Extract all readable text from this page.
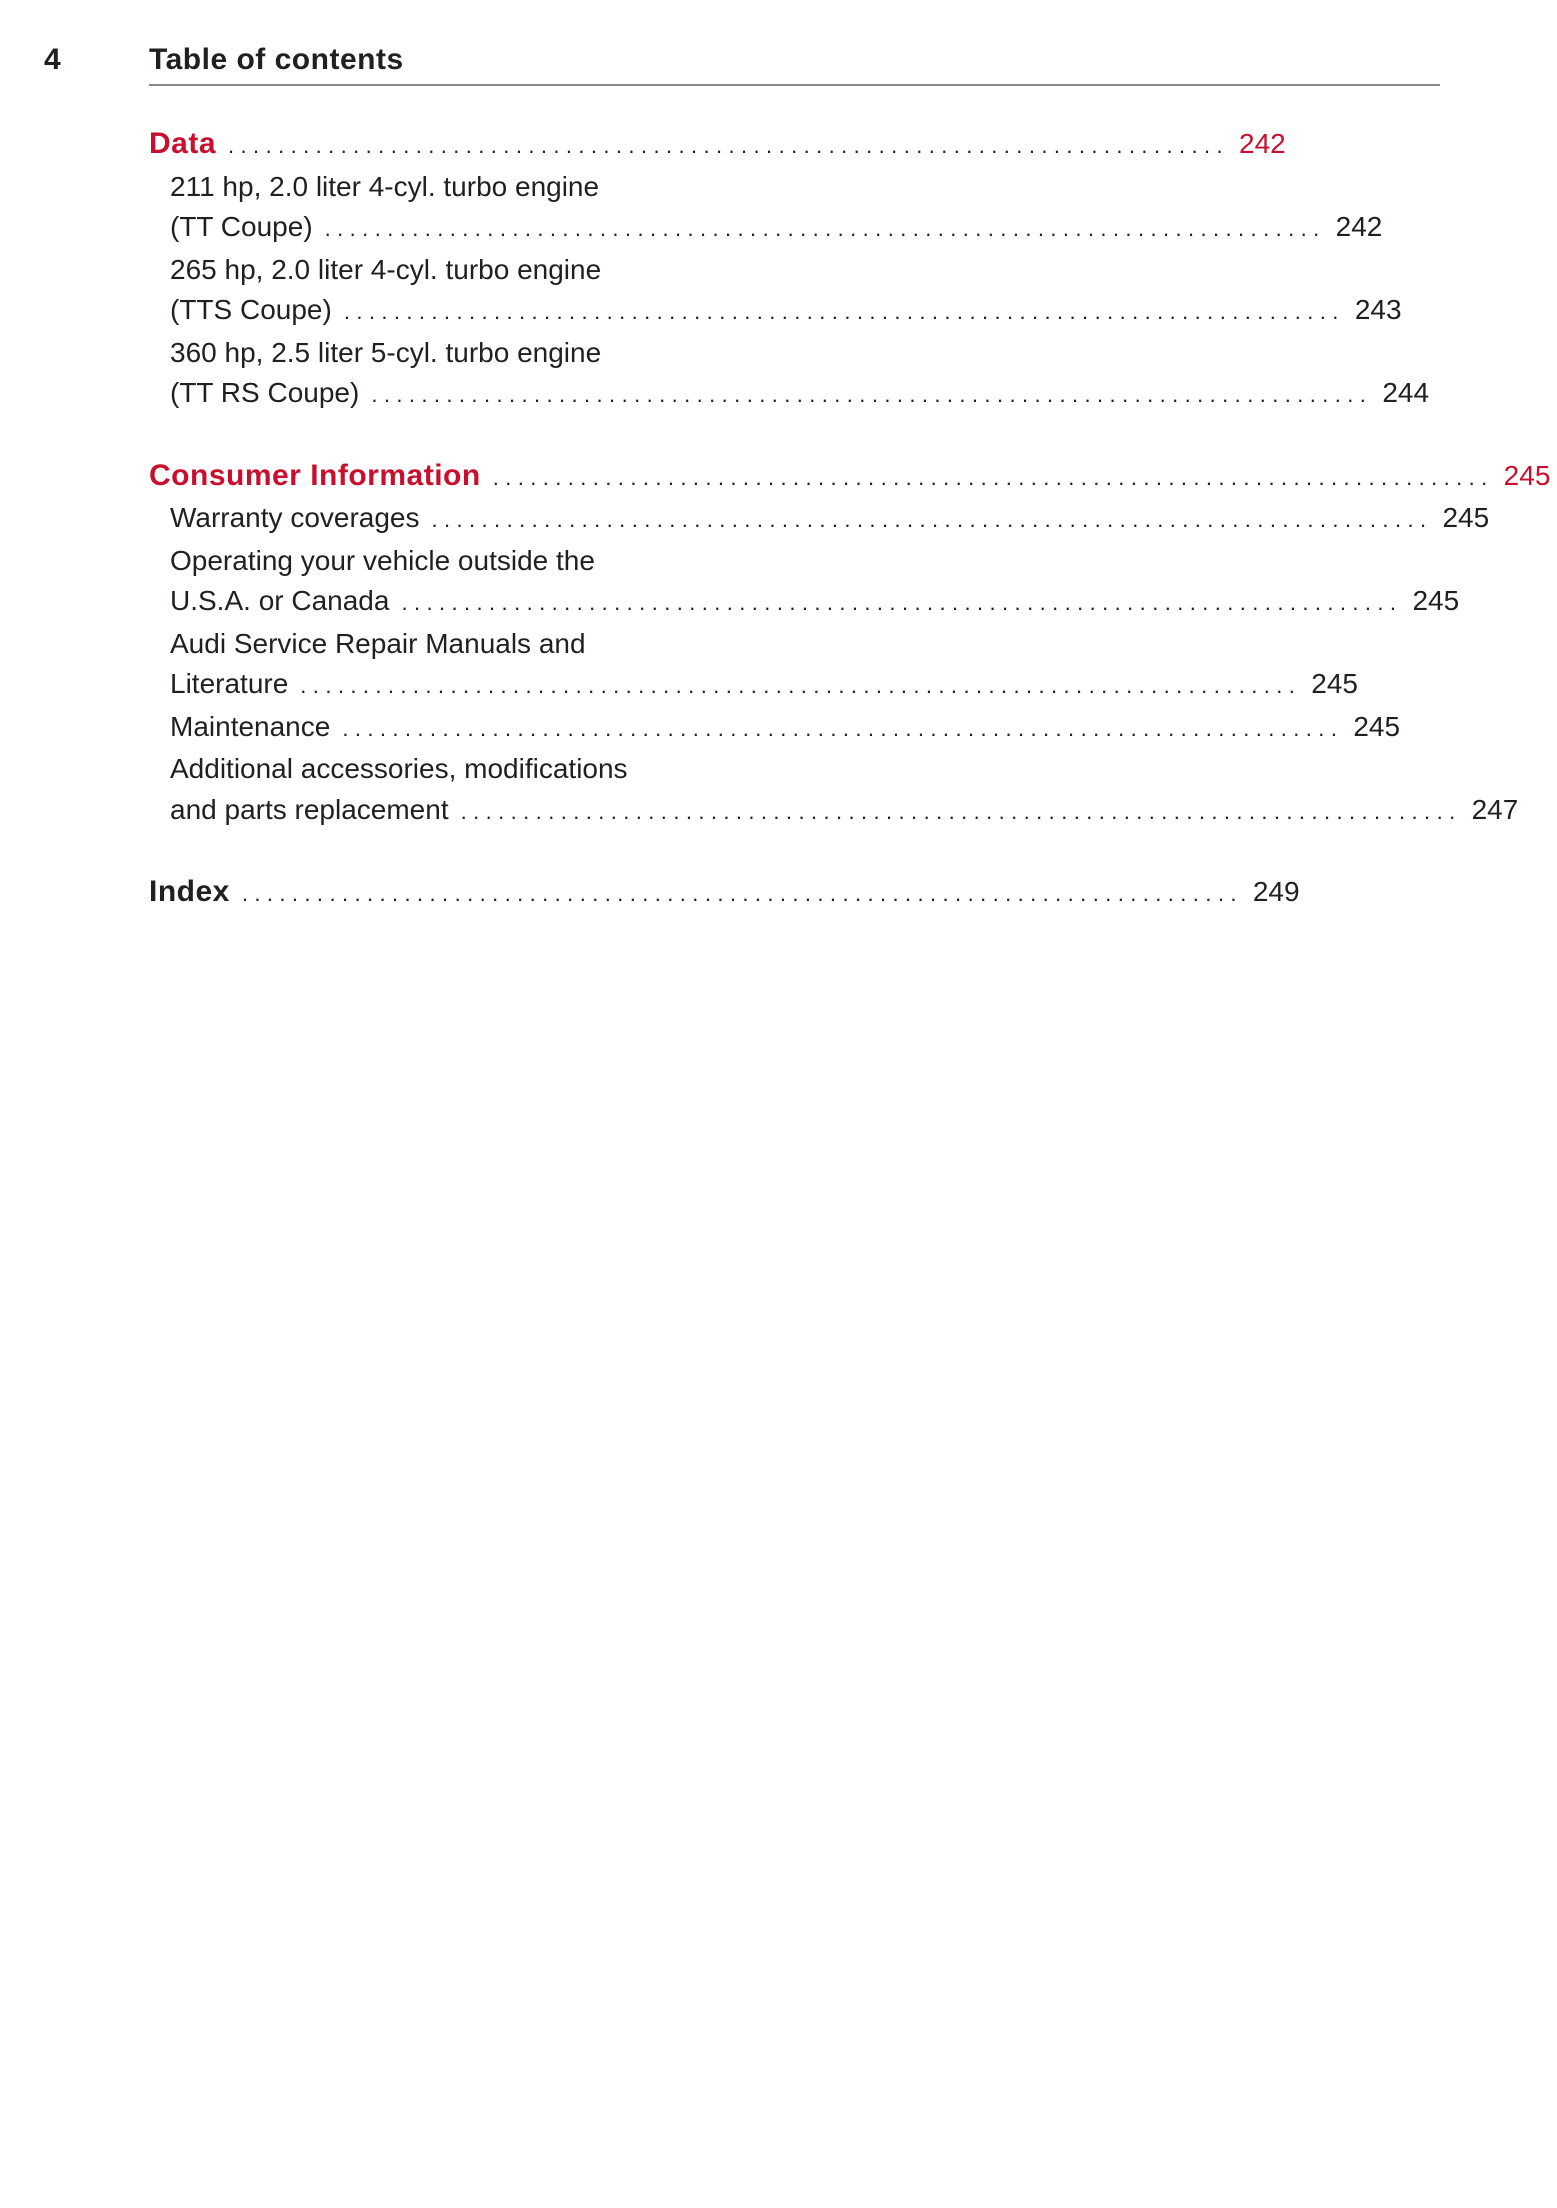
4	Table of contents
Data ................................................................................ 242
211 hp, 2.0 liter 4-cyl. turbo engine
(TT Coupe) ................................................................................ 242
265 hp, 2.0 liter 4-cyl. turbo engine
(TTS Coupe) ................................................................................ 243
360 hp, 2.5 liter 5-cyl. turbo engine
(TT RS Coupe) ................................................................................ 244
Consumer Information ................................................................................ 245
Warranty coverages ................................................................................ 245
Operating your vehicle outside the
U.S.A. or Canada ................................................................................ 245
Audi Service Repair Manuals and
Literature ................................................................................ 245
Maintenance ................................................................................ 245
Additional accessories, modifications
and parts replacement ................................................................................ 247
Index ................................................................................ 249
